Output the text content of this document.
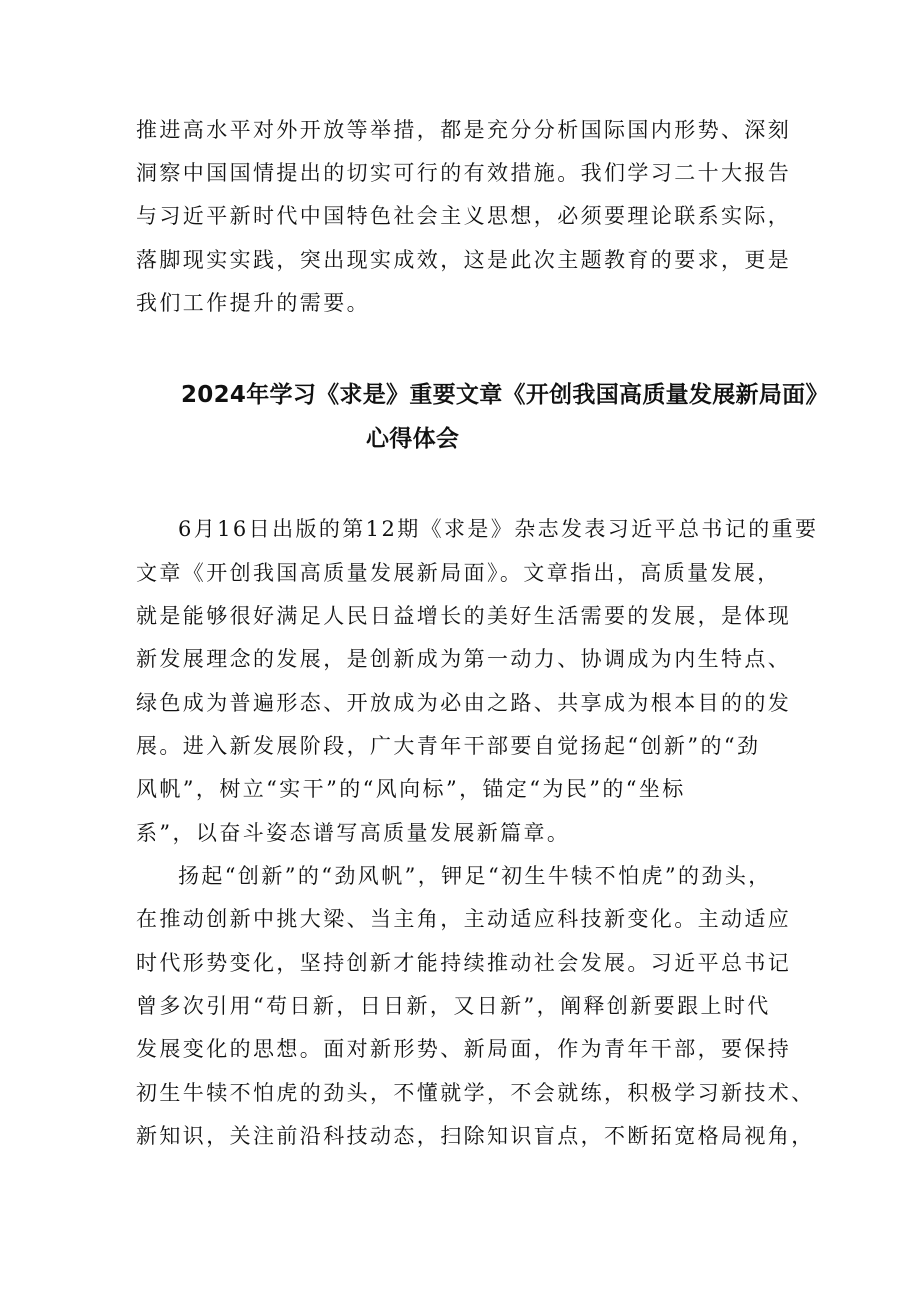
推进高水平对外开放等举措，都是充分分析国际国内形势、深刻
洞察中国国情提出的切实可行的有效措施。我们学习二十大报告
与习近平新时代中国特色社会主义思想，必须要理论联系实际，
落脚现实实践，突出现实成效，这是此次主题教育的要求，更是
我们工作提升的需要。
2024年学习《求是》重要文章《开创我国高质量发展新局面》
心得体会
6月16日出版的第12期《求是》杂志发表习近平总书记的重要
文章《开创我国高质量发展新局面》。文章指出，高质量发展，
就是能够很好满足人民日益增长的美好生活需要的发展，是体现
新发展理念的发展，是创新成为第一动力、协调成为内生特点、
绿色成为普遍形态、开放成为必由之路、共享成为根本目的的发
展。进入新发展阶段，广大青年干部要自觉扬起“创新”的“劲
风帆”，树立“实干”的“风向标”，锚定“为民”的“坐标
系”，以奋斗姿态谱写高质量发展新篇章。
扬起“创新”的“劲风帆”，钾足“初生牛犊不怕虎”的劲头，
在推动创新中挑大梁、当主角，主动适应科技新变化。主动适应
时代形势变化，坚持创新才能持续推动社会发展。习近平总书记
曾多次引用“苟日新，日日新，又日新”，阐释创新要跟上时代
发展变化的思想。面对新形势、新局面，作为青年干部，要保持
初生牛犊不怕虎的劲头，不懂就学，不会就练，积极学习新技术、
新知识，关注前沿科技动态，扫除知识盲点，不断拓宽格局视角，
